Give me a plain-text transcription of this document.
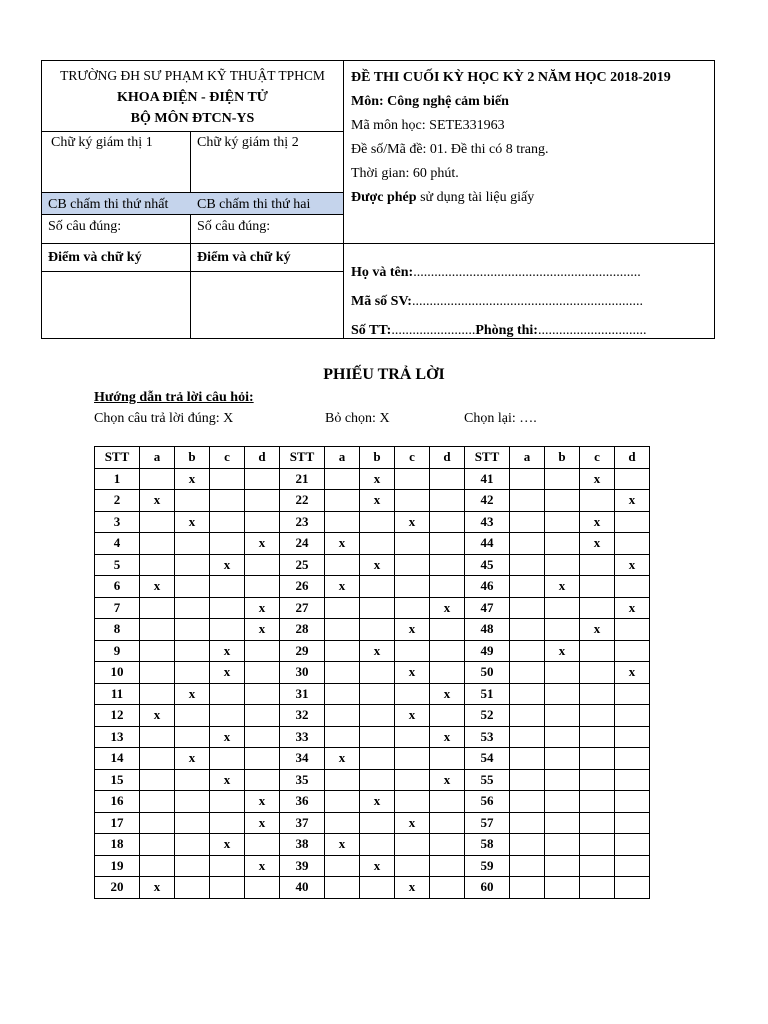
TRƯỜNG ĐH SƯ PHẠM KỸ THUẬT TPHCM
KHOA ĐIỆN - ĐIỆN TỬ
BỘ MÔN ĐTCN-YS
Chữ ký giám thị 1	Chữ ký giám thị 2
CB chấm thi thứ nhất CB chấm thi thứ hai
Số câu đúng:	Số câu đúng:
Điểm và chữ ký	Điểm và chữ ký
ĐỀ THI CUỐI KỲ HỌC KỲ 2 NĂM HỌC 2018-2019
Môn: Công nghệ cảm biến
Mã môn học: SETE331963
Đề số/Mã đề: 01. Đề thi có 8 trang.
Thời gian: 60 phút.
Được phép sử dụng tài liệu giấy
Họ và tên:.................................................................
Mã số SV:..................................................................
Số TT:........................Phòng thi:...............................
PHIẾU TRẢ LỜI
Hướng dẫn trả lời câu hỏi:
Chọn câu trả lời đúng: X	Bỏ chọn: X	Chọn lại: ….
STT	a	b	c	d	STT	a	b	c	d	STT	a	b	c	d
1		x			21		x			41			x	
2	x				22		x			42				x
3		x			23			x		43			x	
4				x	24	x				44			x	
5			x		25		x			45				x
6	x				26	x				46		x		
7				x	27				x	47				x
8				x	28			x		48			x	
9			x		29		x			49		x		
10			x		30			x		50				x
11		x			31				x	51				
12	x				32			x		52				
13			x		33				x	53				
14		x			34	x				54				
15			x		35				x	55				
16				x	36		x			56				
17				x	37			x		57				
18			x		38	x				58				
19				x	39		x			59				
20	x				40			x		60				
